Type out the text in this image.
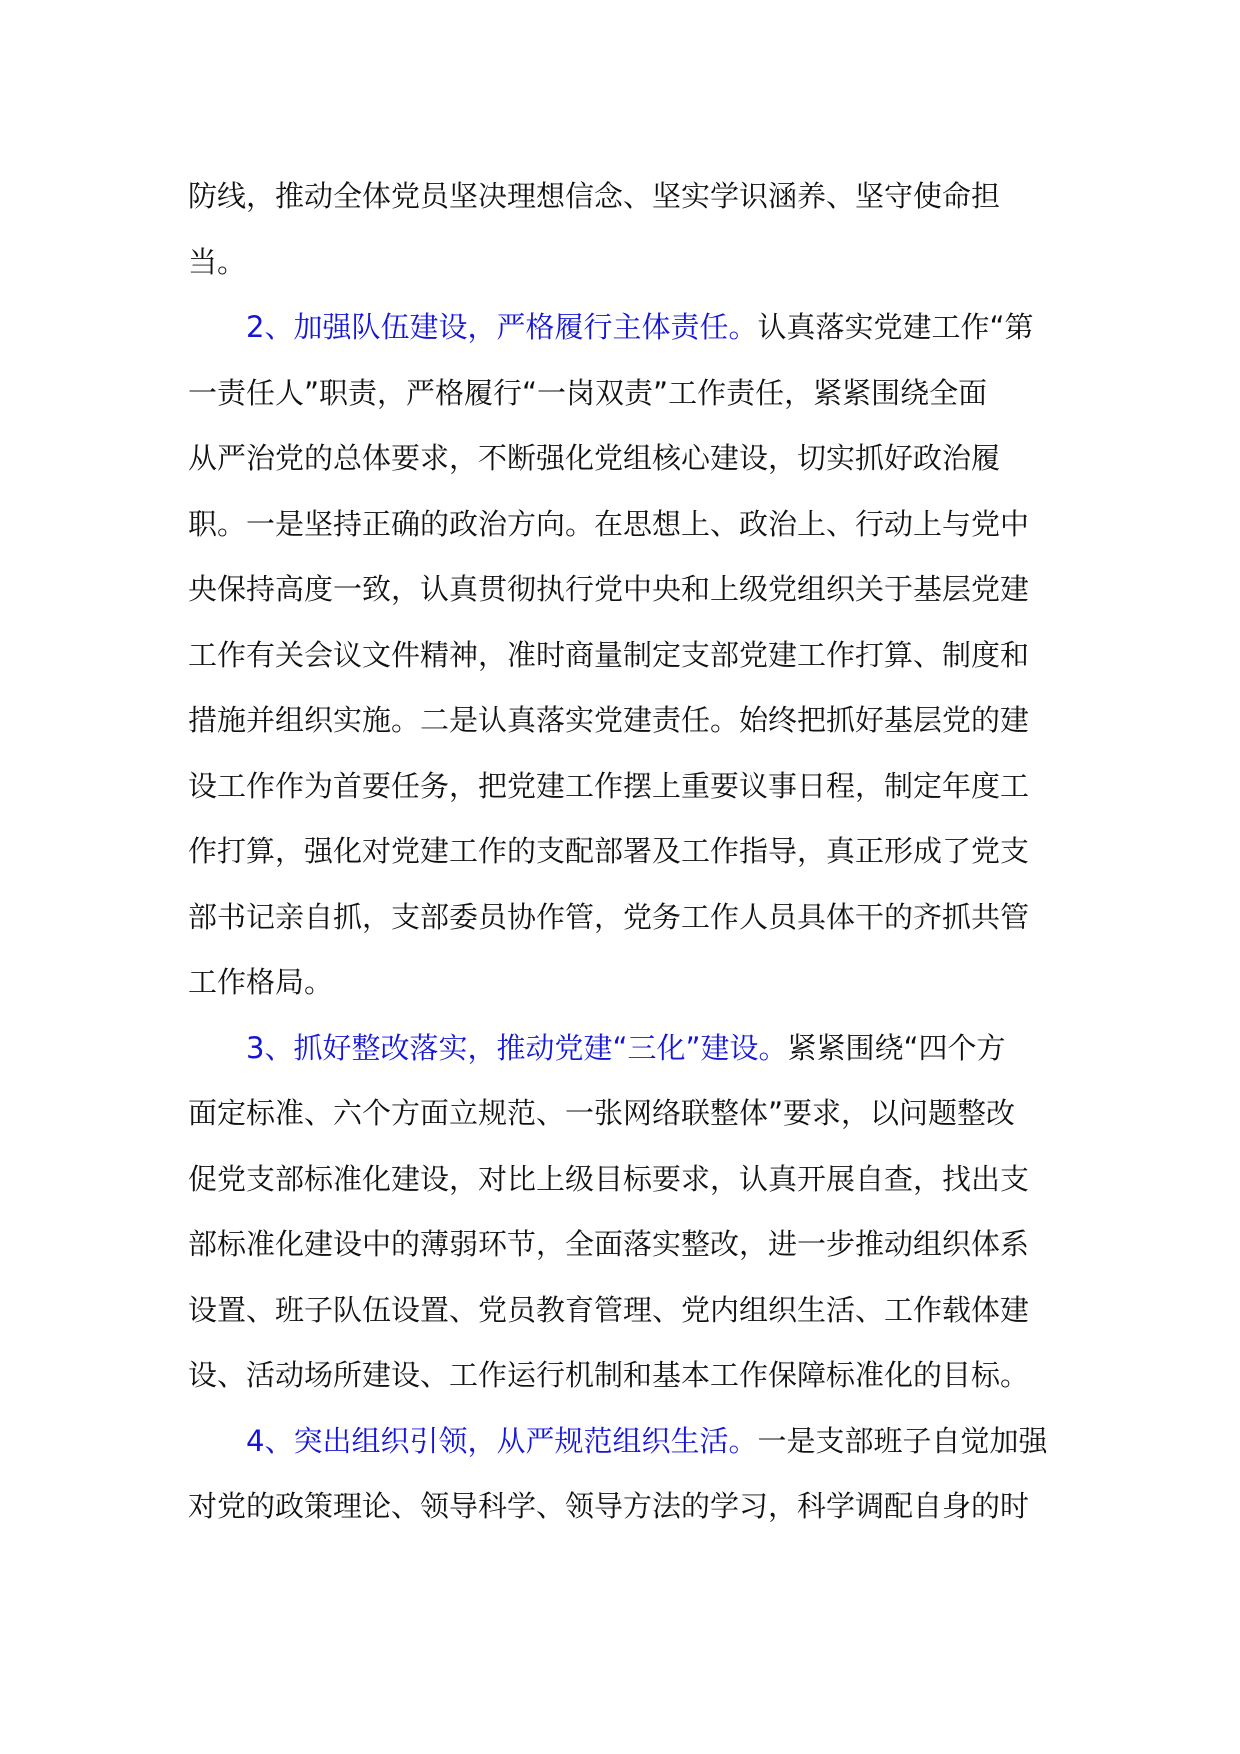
防线，推动全体党员坚决理想信念、坚实学识涵养、坚守使命担
当。

2、加强队伍建设，严格履行主体责任。认真落实党建工作“第
一责任人”职责，严格履行“一岗双责”工作责任，紧紧围绕全面
从严治党的总体要求，不断强化党组核心建设，切实抓好政治履
职。一是坚持正确的政治方向。在思想上、政治上、行动上与党中
央保持高度一致，认真贯彻执行党中央和上级党组织关于基层党建
工作有关会议文件精神，准时商量制定支部党建工作打算、制度和
措施并组织实施。二是认真落实党建责任。始终把抓好基层党的建
设工作作为首要任务，把党建工作摆上重要议事日程，制定年度工
作打算，强化对党建工作的支配部署及工作指导，真正形成了党支
部书记亲自抓，支部委员协作管，党务工作人员具体干的齐抓共管
工作格局。

3、抓好整改落实，推动党建“三化”建设。紧紧围绕“四个方
面定标准、六个方面立规范、一张网络联整体”要求，以问题整改
促党支部标准化建设，对比上级目标要求，认真开展自查，找出支
部标准化建设中的薄弱环节，全面落实整改，进一步推动组织体系
设置、班子队伍设置、党员教育管理、党内组织生活、工作载体建
设、活动场所建设、工作运行机制和基本工作保障标准化的目标。

4、突出组织引领，从严规范组织生活。一是支部班子自觉加强
对党的政策理论、领导科学、领导方法的学习，科学调配自身的时
